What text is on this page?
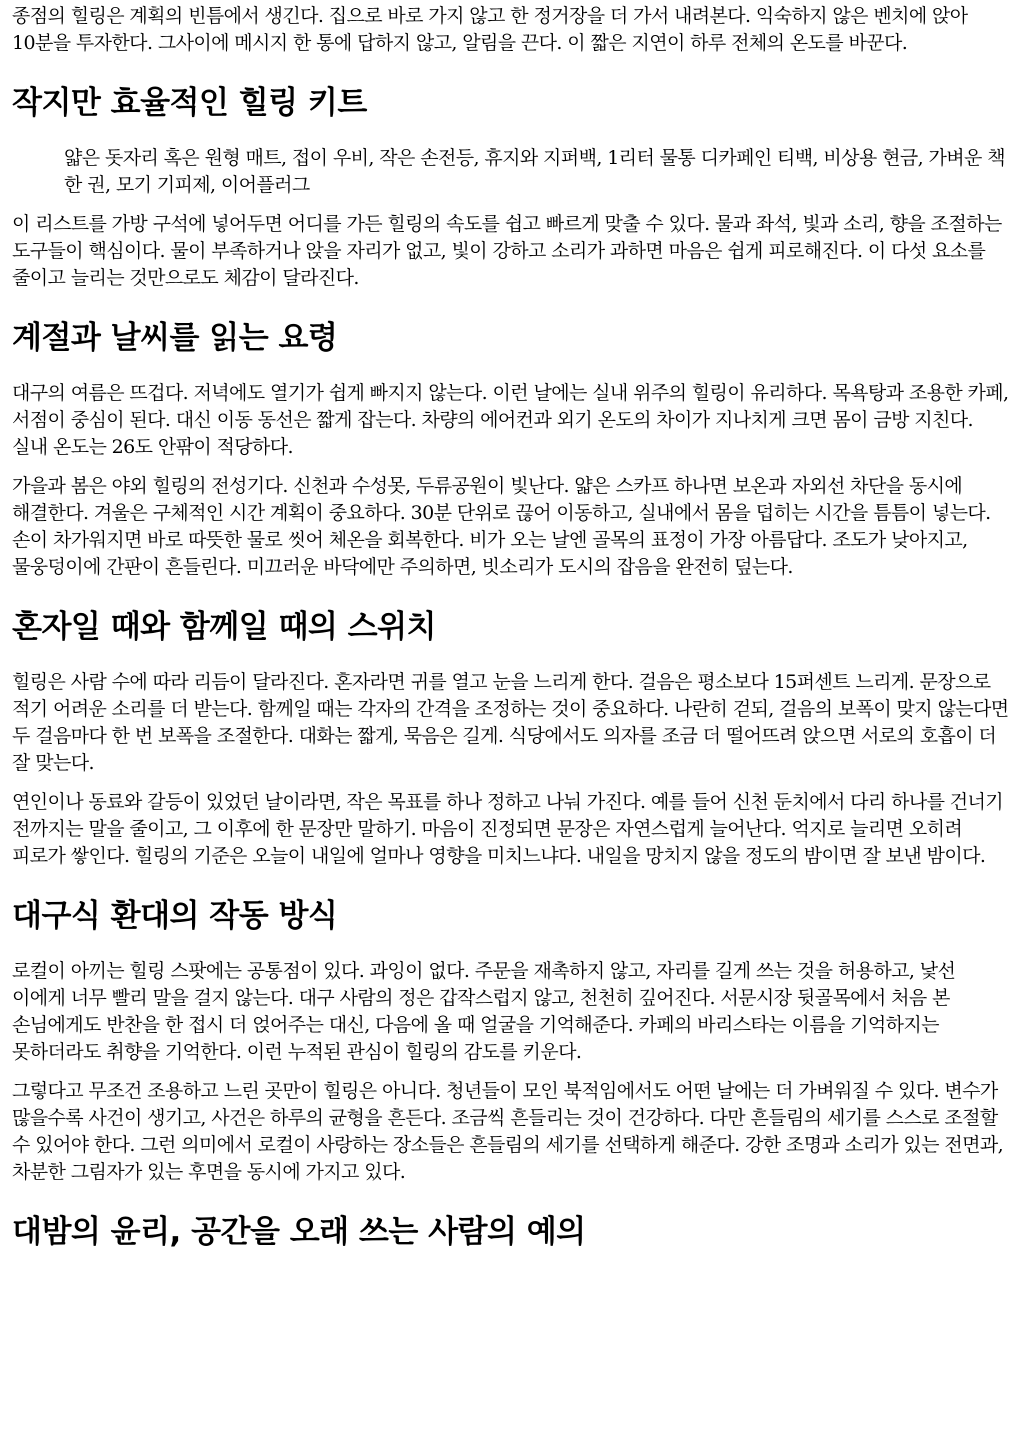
종점의 힐링은 계획의 빈틈에서 생긴다. 집으로 바로 가지 않고 한 정거장을 더 가서 내려본다. 익숙하지 않은 벤치에 앉아 10분을 투자한다. 그사이에 메시지 한 통에 답하지 않고, 알림을 끈다. 이 짧은 지연이 하루 전체의 온도를 바꾼다.

작지만 효율적인 힐링 키트
얇은 돗자리 혹은 원형 매트, 접이 우비, 작은 손전등, 휴지와 지퍼백, 1리터 물통 디카페인 티백, 비상용 현금, 가벼운 책 한 권, 모기 기피제, 이어플러그

이 리스트를 가방 구석에 넣어두면 어디를 가든 힐링의 속도를 쉽고 빠르게 맞출 수 있다. 물과 좌석, 빛과 소리, 향을 조절하는 도구들이 핵심이다. 물이 부족하거나 앉을 자리가 없고, 빛이 강하고 소리가 과하면 마음은 쉽게 피로해진다. 이 다섯 요소를 줄이고 늘리는 것만으로도 체감이 달라진다.

계절과 날씨를 읽는 요령

대구의 여름은 뜨겁다. 저녁에도 열기가 쉽게 빠지지 않는다. 이런 날에는 실내 위주의 힐링이 유리하다. 목욕탕과 조용한 카페, 서점이 중심이 된다. 대신 이동 동선은 짧게 잡는다. 차량의 에어컨과 외기 온도의 차이가 지나치게 크면 몸이 금방 지친다. 실내 온도는 26도 안팎이 적당하다.

가을과 봄은 야외 힐링의 전성기다. 신천과 수성못, 두류공원이 빛난다. 얇은 스카프 하나면 보온과 자외선 차단을 동시에 해결한다. 겨울은 구체적인 시간 계획이 중요하다. 30분 단위로 끊어 이동하고, 실내에서 몸을 덥히는 시간을 틈틈이 넣는다. 손이 차가워지면 바로 따뜻한 물로 씻어 체온을 회복한다. 비가 오는 날엔 골목의 표정이 가장 아름답다. 조도가 낮아지고, 물웅덩이에 간판이 흔들린다. 미끄러운 바닥에만 주의하면, 빗소리가 도시의 잡음을 완전히 덮는다.

혼자일 때와 함께일 때의 스위치

힐링은 사람 수에 따라 리듬이 달라진다. 혼자라면 귀를 열고 눈을 느리게 한다. 걸음은 평소보다 15퍼센트 느리게. 문장으로 적기 어려운 소리를 더 받는다. 함께일 때는 각자의 간격을 조정하는 것이 중요하다. 나란히 걷되, 걸음의 보폭이 맞지 않는다면 두 걸음마다 한 번 보폭을 조절한다. 대화는 짧게, 묵음은 길게. 식당에서도 의자를 조금 더 떨어뜨려 앉으면 서로의 호흡이 더 잘 맞는다.

연인이나 동료와 갈등이 있었던 날이라면, 작은 목표를 하나 정하고 나눠 가진다. 예를 들어 신천 둔치에서 다리 하나를 건너기 전까지는 말을 줄이고, 그 이후에 한 문장만 말하기. 마음이 진정되면 문장은 자연스럽게 늘어난다. 억지로 늘리면 오히려 피로가 쌓인다. 힐링의 기준은 오늘이 내일에 얼마나 영향을 미치느냐다. 내일을 망치지 않을 정도의 밤이면 잘 보낸 밤이다.

대구식 환대의 작동 방식

로컬이 아끼는 힐링 스팟에는 공통점이 있다. 과잉이 없다. 주문을 재촉하지 않고, 자리를 길게 쓰는 것을 허용하고, 낯선 이에게 너무 빨리 말을 걸지 않는다. 대구 사람의 정은 갑작스럽지 않고, 천천히 깊어진다. 서문시장 뒷골목에서 처음 본 손님에게도 반찬을 한 접시 더 얹어주는 대신, 다음에 올 때 얼굴을 기억해준다. 카페의 바리스타는 이름을 기억하지는 못하더라도 취향을 기억한다. 이런 누적된 관심이 힐링의 감도를 키운다.

그렇다고 무조건 조용하고 느린 곳만이 힐링은 아니다. 청년들이 모인 북적임에서도 어떤 날에는 더 가벼워질 수 있다. 변수가 많을수록 사건이 생기고, 사건은 하루의 균형을 흔든다. 조금씩 흔들리는 것이 건강하다. 다만 흔들림의 세기를 스스로 조절할 수 있어야 한다. 그런 의미에서 로컬이 사랑하는 장소들은 흔들림의 세기를 선택하게 해준다. 강한 조명과 소리가 있는 전면과, 차분한 그림자가 있는 후면을 동시에 가지고 있다.

대밤의 윤리, 공간을 오래 쓰는 사람의 예의
